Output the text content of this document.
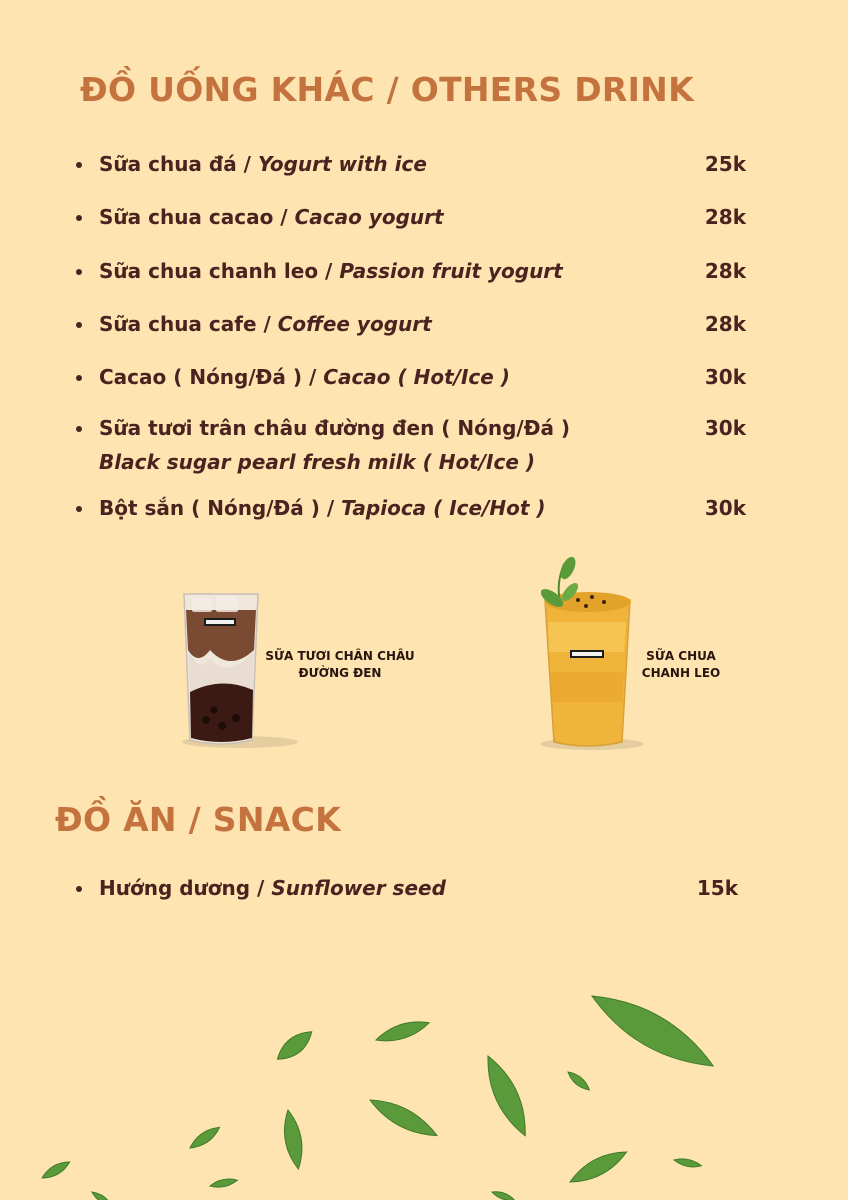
ĐỒ UỐNG KHÁC / OTHERS DRINK
Sữa chua đá / Yogurt with ice	25k
Sữa chua cacao / Cacao yogurt	28k
Sữa chua chanh leo / Passion fruit yogurt	28k
Sữa chua cafe / Coffee yogurt	28k
Cacao ( Nóng/Đá ) / Cacao ( Hot/Ice )	30k
Sữa tươi trân châu đường đen ( Nóng/Đá )
Black sugar pearl fresh milk ( Hot/Ice )
30k
Bột sắn ( Nóng/Đá ) / Tapioca ( Ice/Hot )	30k
SỮA TƯƠI CHÂN CHÂU
ĐƯỜNG ĐEN
SỮA CHUA
CHANH LEO
ĐỒ ĂN / SNACK
Hướng dương / Sunflower seed	15k
